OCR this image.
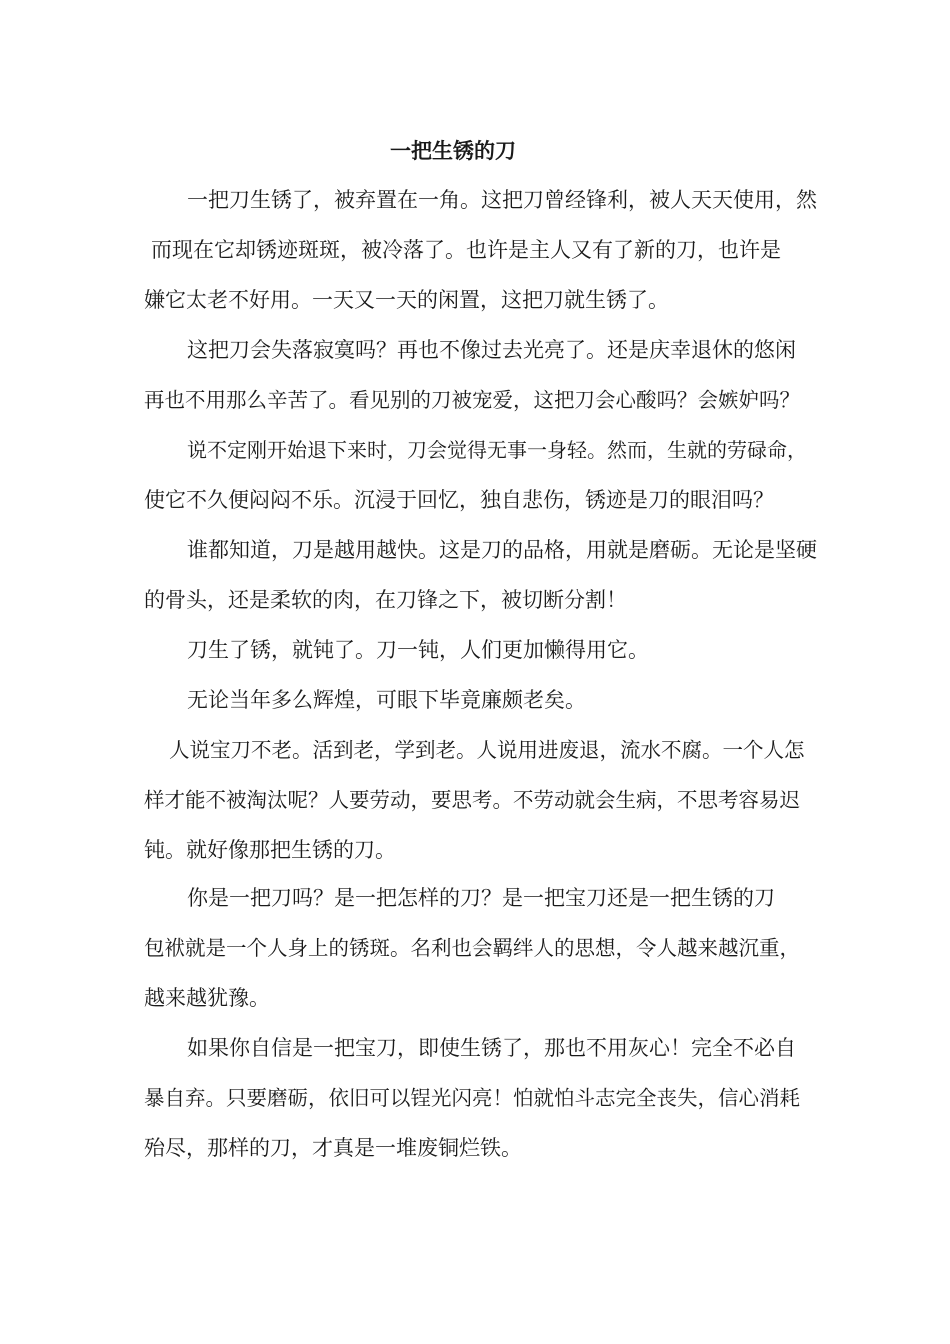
一把生锈的刀
一把刀生锈了，被弃置在一角。这把刀曾经锋利，被人天天使用，然
而现在它却锈迹斑斑，被冷落了。也许是主人又有了新的刀，也许是
嫌它太老不好用。一天又一天的闲置，这把刀就生锈了。
这把刀会失落寂寞吗？再也不像过去光亮了。还是庆幸退休的悠闲
再也不用那么辛苦了。看见别的刀被宠爱，这把刀会心酸吗？会嫉妒吗？
说不定刚开始退下来时，刀会觉得无事一身轻。然而，生就的劳碌命，
使它不久便闷闷不乐。沉浸于回忆，独自悲伤，锈迹是刀的眼泪吗？
谁都知道，刀是越用越快。这是刀的品格，用就是磨砺。无论是坚硬
的骨头，还是柔软的肉，在刀锋之下，被切断分割！
刀生了锈，就钝了。刀一钝，人们更加懒得用它。
无论当年多么辉煌，可眼下毕竟廉颇老矣。
人说宝刀不老。活到老，学到老。人说用进废退，流水不腐。一个人怎
样才能不被淘汰呢？人要劳动，要思考。不劳动就会生病，不思考容易迟
钝。就好像那把生锈的刀。
你是一把刀吗？是一把怎样的刀？是一把宝刀还是一把生锈的刀
包袱就是一个人身上的锈斑。名利也会羁绊人的思想，令人越来越沉重，
越来越犹豫。
如果你自信是一把宝刀，即使生锈了，那也不用灰心！完全不必自
暴自弃。只要磨砺，依旧可以锃光闪亮！怕就怕斗志完全丧失，信心消耗
殆尽，那样的刀，才真是一堆废铜烂铁。
